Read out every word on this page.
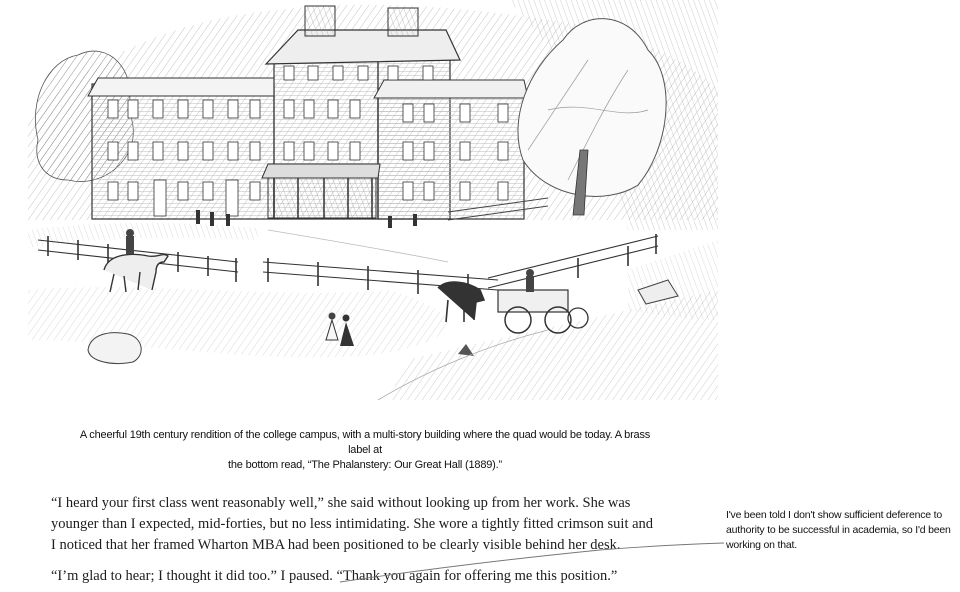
A cheerful 19th century rendition of the college campus, with a multi-story building where the quad would be today. A brass label at
the bottom read, “The Phalanstery: Our Great Hall (1889).”
“I heard your first class went reasonably well,” she said without looking up from her work. She was
younger than I expected, mid-forties, but no less intimidating. She wore a tightly fitted crimson suit and
I noticed that her framed Wharton MBA had been positioned to be clearly visible behind her desk.
“I’m glad to hear; I thought it did too.” I paused. “Thank you again for offering me this position.”
I've been told I don't show sufficient deference to
authority to be successful in academia, so I'd been
working on that.
